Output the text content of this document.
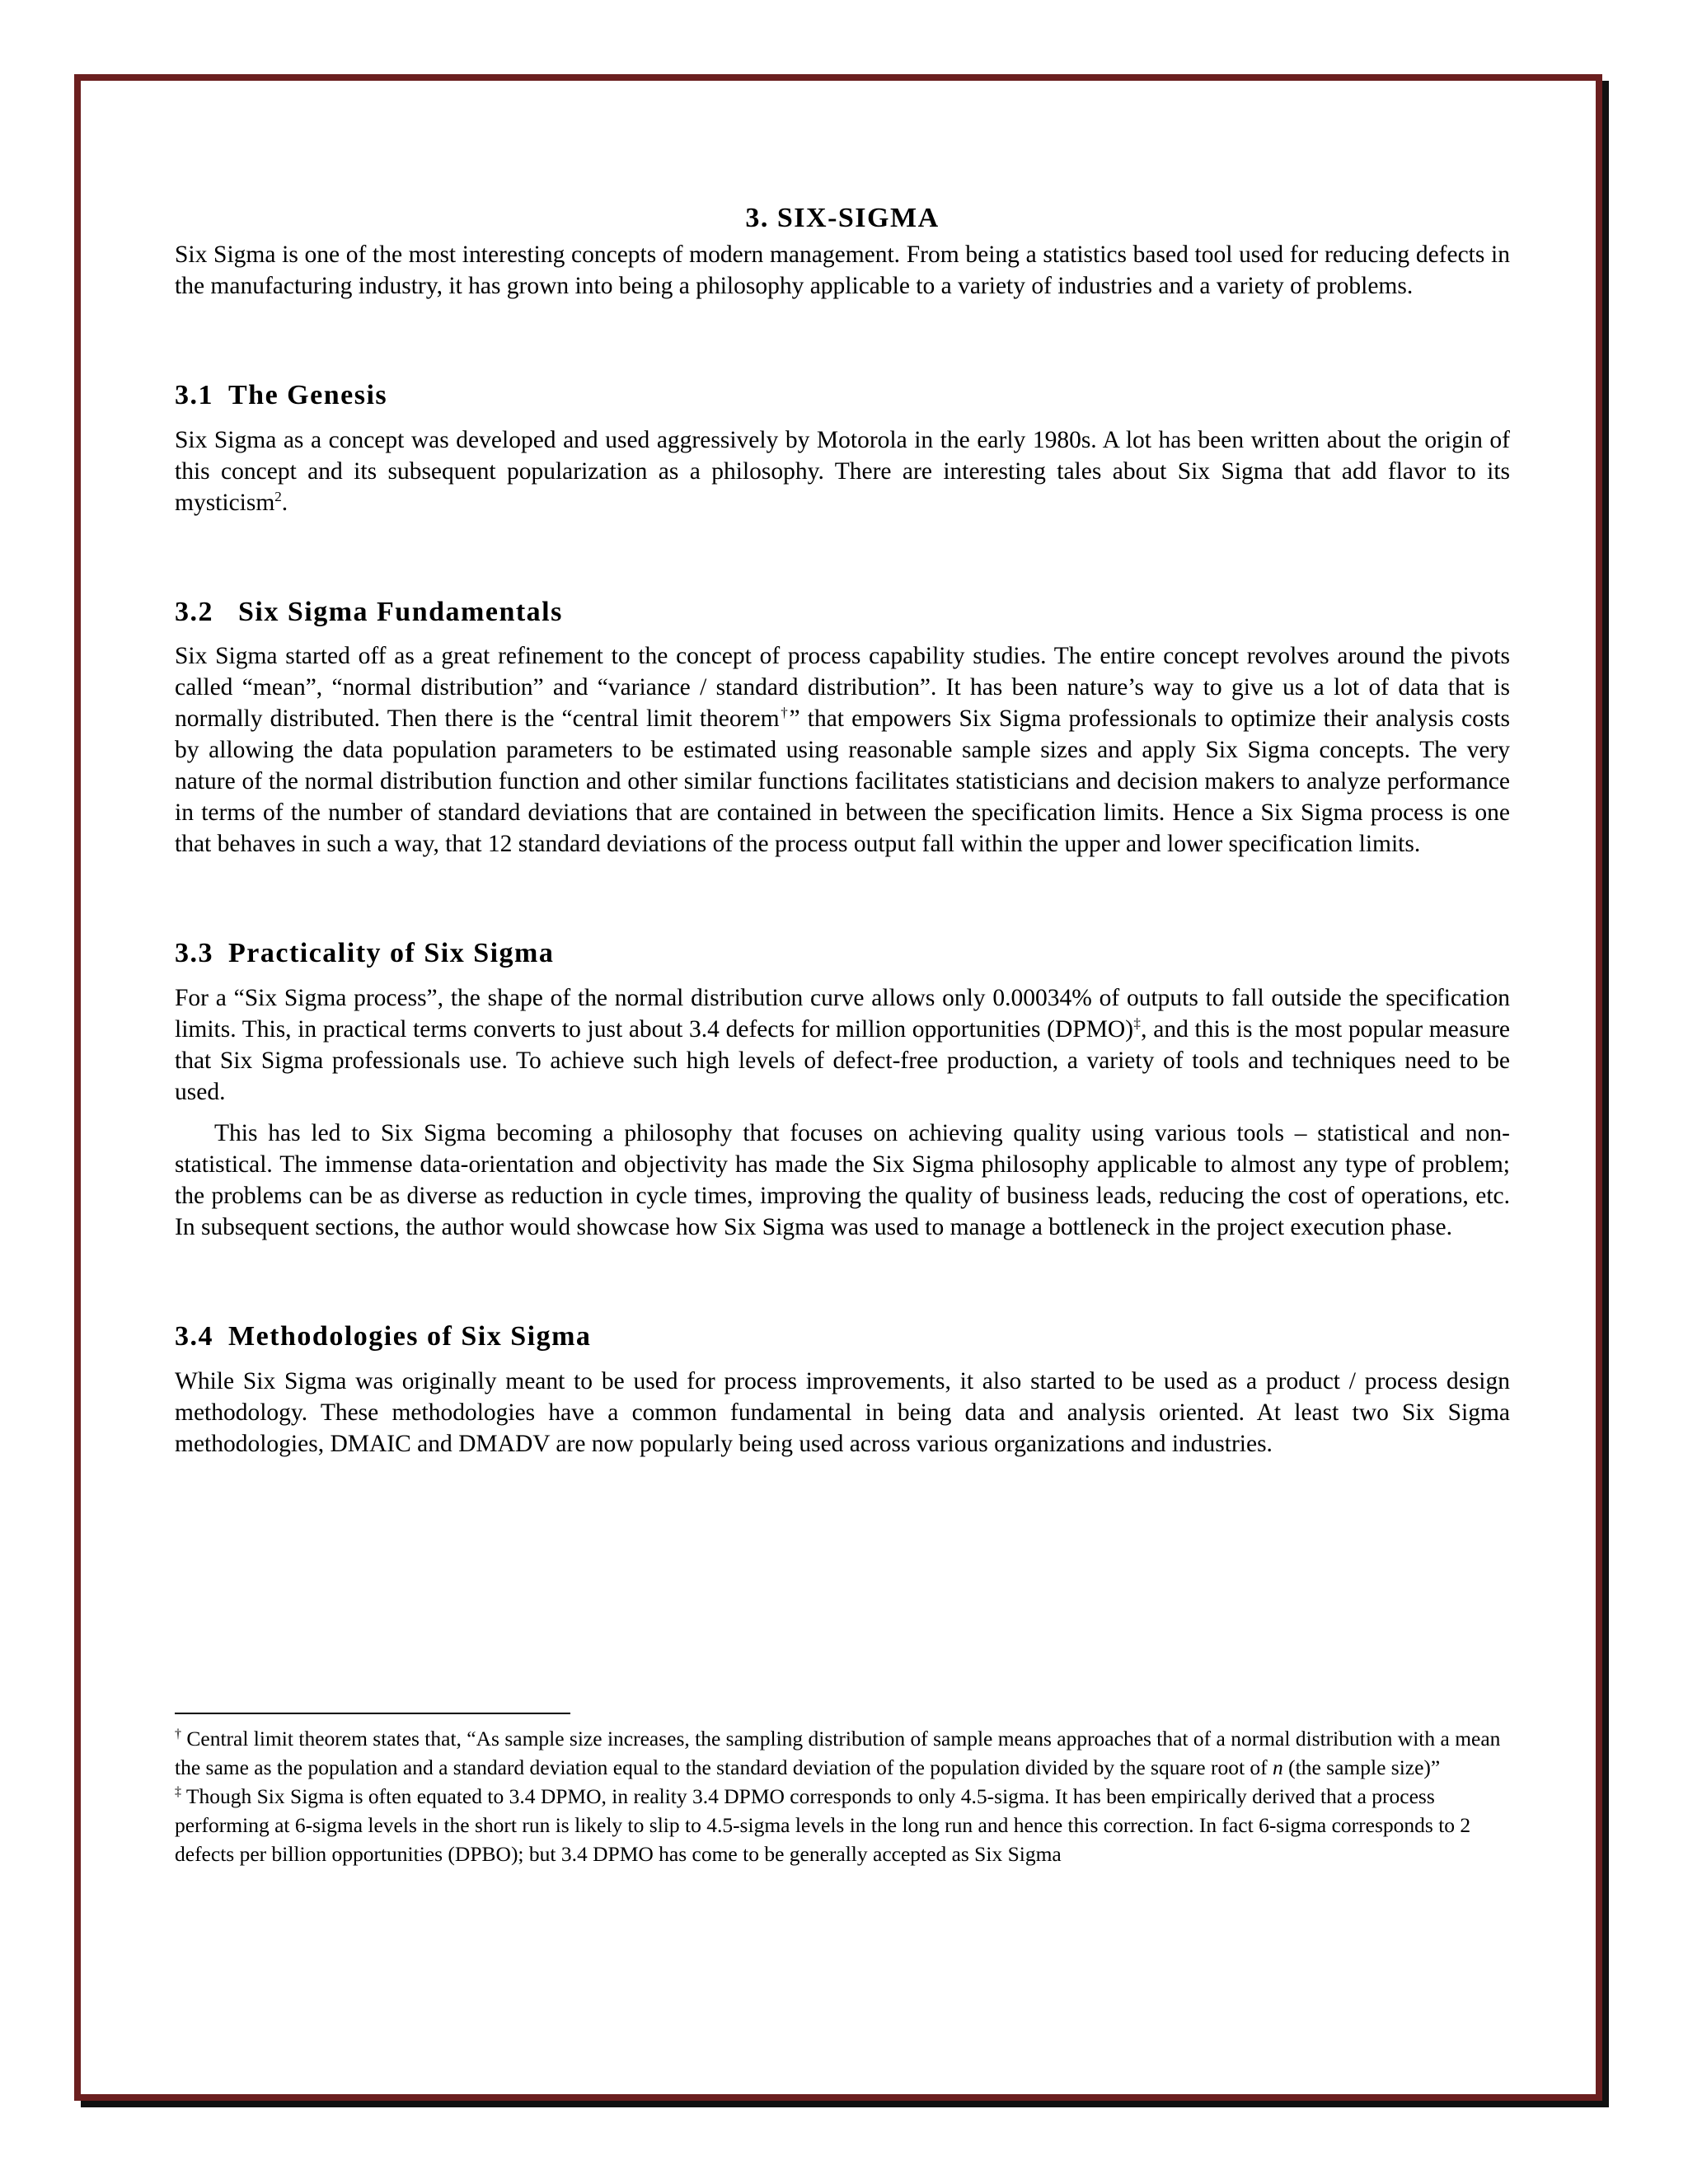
3. SIX-SIGMA

Six Sigma is one of the most interesting concepts of modern management. From being a statistics based tool used for reducing defects in the manufacturing industry, it has grown into being a philosophy applicable to a variety of industries and a variety of problems.

3.1 The Genesis

Six Sigma as a concept was developed and used aggressively by Motorola in the early 1980s. A lot has been written about the origin of this concept and its subsequent popularization as a philosophy. There are interesting tales about Six Sigma that add flavor to its mysticism$^2$.

3.2 Six Sigma Fundamentals

Six Sigma started off as a great refinement to the concept of process capability studies. The entire concept revolves around the pivots called “mean”, “normal distribution” and “variance / standard distribution”. It has been nature’s way to give us a lot of data that is normally distributed. Then there is the “central limit theorem†” that empowers Six Sigma professionals to optimize their analysis costs by allowing the data population parameters to be estimated using reasonable sample sizes and apply Six Sigma concepts. The very nature of the normal distribution function and other similar functions facilitates statisticians and decision makers to analyze performance in terms of the number of standard deviations that are contained in between the specification limits. Hence a Six Sigma process is one that behaves in such a way, that 12 standard deviations of the process output fall within the upper and lower specification limits.

3.3 Practicality of Six Sigma

For a “Six Sigma process”, the shape of the normal distribution curve allows only 0.00034% of outputs to fall outside the specification limits. This, in practical terms converts to just about 3.4 defects for million opportunities (DPMO)‡, and this is the most popular measure that Six Sigma professionals use. To achieve such high levels of defect-free production, a variety of tools and techniques need to be used.

This has led to Six Sigma becoming a philosophy that focuses on achieving quality using various tools – statistical and non-statistical. The immense data-orientation and objectivity has made the Six Sigma philosophy applicable to almost any type of problem; the problems can be as diverse as reduction in cycle times, improving the quality of business leads, reducing the cost of operations, etc. In subsequent sections, the author would showcase how Six Sigma was used to manage a bottleneck in the project execution phase.

3.4 Methodologies of Six Sigma

While Six Sigma was originally meant to be used for process improvements, it also started to be used as a product / process design methodology. These methodologies have a common fundamental in being data and analysis oriented. At least two Six Sigma methodologies, DMAIC and DMADV are now popularly being used across various organizations and industries.

† Central limit theorem states that, “As sample size increases, the sampling distribution of sample means approaches that of a normal distribution with a mean the same as the population and a standard deviation equal to the standard deviation of the population divided by the square root of n (the sample size)”

‡ Though Six Sigma is often equated to 3.4 DPMO, in reality 3.4 DPMO corresponds to only 4.5-sigma. It has been empirically derived that a process performing at 6-sigma levels in the short run is likely to slip to 4.5-sigma levels in the long run and hence this correction. In fact 6-sigma corresponds to 2 defects per billion opportunities (DPBO); but 3.4 DPMO has come to be generally accepted as Six Sigma
